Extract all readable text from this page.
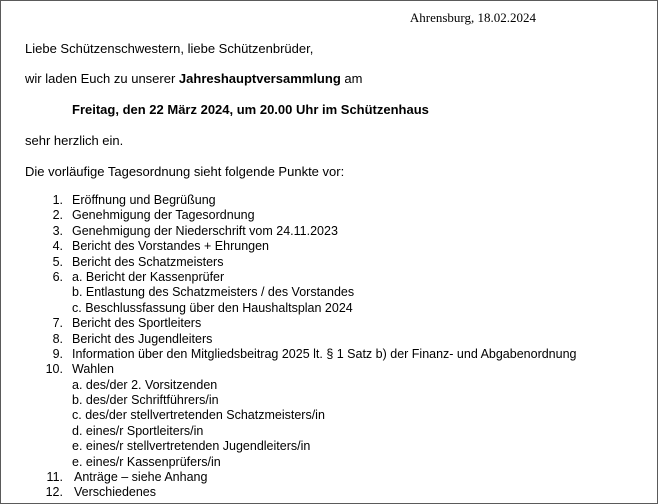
Ahrensburg, 18.02.2024
Liebe Schützenschwestern, liebe Schützenbrüder,
wir laden Euch zu unserer Jahreshauptversammlung am
Freitag, den 22 März 2024, um 20.00 Uhr im Schützenhaus
sehr herzlich ein.
Die vorläufige Tagesordnung sieht folgende Punkte vor:
1. Eröffnung und Begrüßung
2. Genehmigung der Tagesordnung
3. Genehmigung der Niederschrift vom 24.11.2023
4. Bericht des Vorstandes + Ehrungen
5. Bericht des Schatzmeisters
6. a. Bericht der Kassenprüfer
b. Entlastung des Schatzmeisters / des Vorstandes
c. Beschlussfassung über den Haushaltsplan 2024
7. Bericht des Sportleiters
8. Bericht des Jugendleiters
9. Information über den Mitgliedsbeitrag 2025 lt. § 1 Satz b) der Finanz- und Abgabenordnung
10. Wahlen
a. des/der 2. Vorsitzenden
b. des/der Schriftführers/in
c. des/der stellvertretenden Schatzmeisters/in
d. eines/r Sportleiters/in
e. eines/r stellvertretenden Jugendleiters/in
e. eines/r Kassenprüfers/in
11. Anträge – siehe Anhang
12. Verschiedenes
